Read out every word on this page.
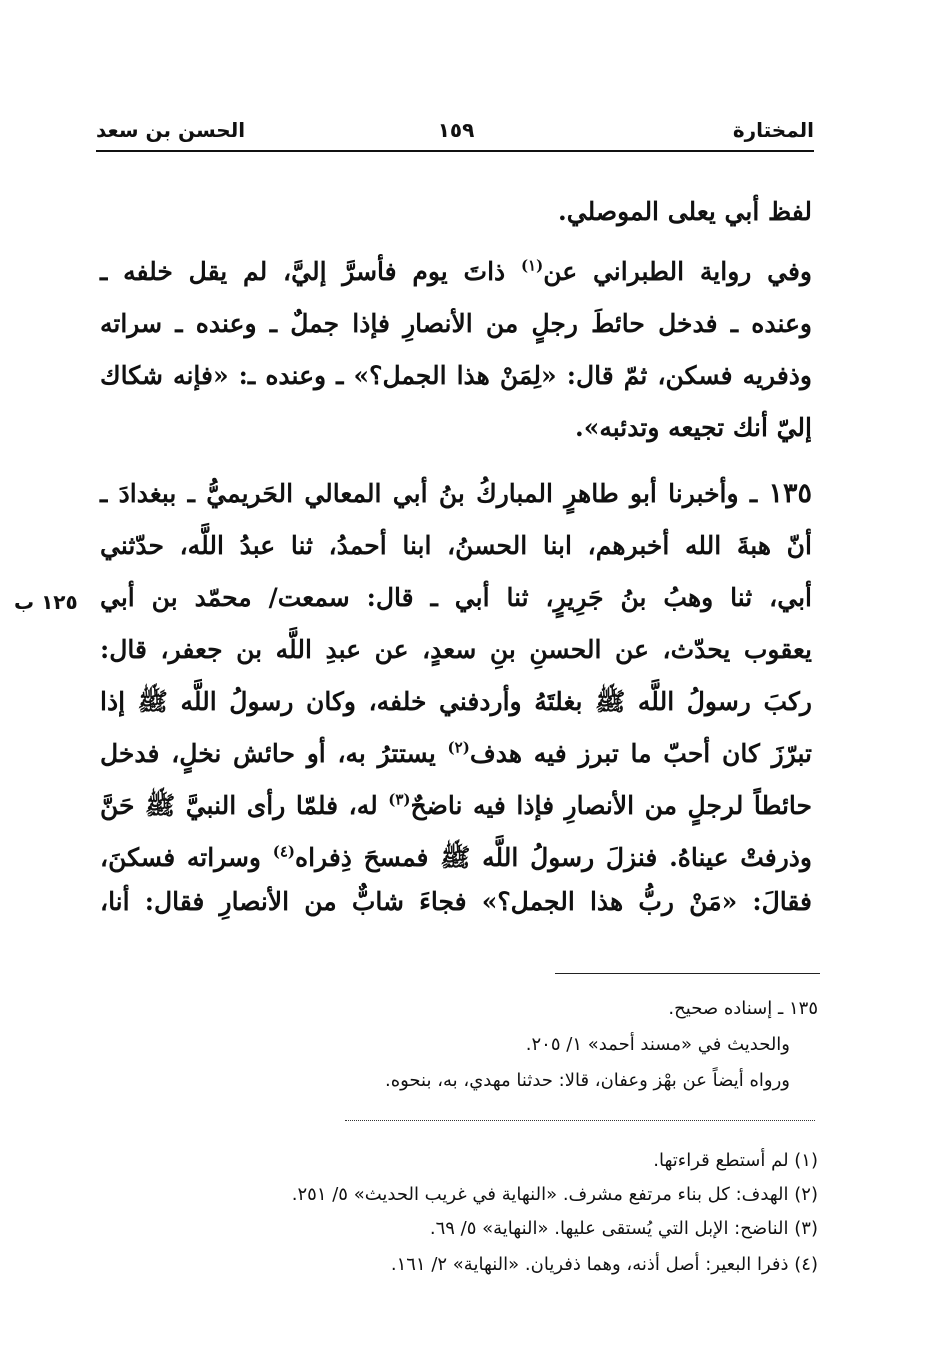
المختارة
١٥٩
الحسن بن سعد
لفظ أبي يعلى الموصلي.
وفي رواية الطبراني عن$^{(١)}$ ذاتَ يوم فأسرَّ إليَّ، لم يقل خلفه ـ
وعنده ـ فدخل حائطَ رجلٍ من الأنصارِ فإذا جملٌ ـ وعنده ـ سراته
وذفريه فسكن، ثمّ قال: «لِمَنْ هذا الجمل؟» ـ وعنده ـ: «فإنه شكاك
إليّ أنك تجيعه وتدئبه».
١٣٥ ـ وأخبرنا أبو طاهرٍ المباركُ بنُ أبي المعالي الحَريميُّ ـ ببغدادَ ـ
أنّ هبةَ الله أخبرهم، ابنا الحسنُ، ابنا أحمدُ، ثنا عبدُ اللَّه، حدّثني
أبي، ثنا وهبُ بنُ جَرِيرٍ، ثنا أبي ـ قال: سمعت/ محمّد بن أبي
يعقوب يحدّث، عن الحسنِ بنِ سعدٍ، عن عبدِ اللَّه بن جعفر، قال:
ركبَ رسولُ اللَّه ﷺ بغلتَهُ وأردفني خلفه، وكان رسولُ اللَّه ﷺ إذا
تبرّزَ كان أحبّ ما تبرز فيه هدف$^{(٢)}$ يستترُ به، أو حائش نخلٍ، فدخل
حائطاً لرجلٍ من الأنصارِ فإذا فيه ناضحٌ$^{(٣)}$ له، فلمّا رأى النبيَّ ﷺ حَنَّ
وذرفتْ عيناهُ. فنزلَ رسولُ اللَّه ﷺ فمسحَ ذِفراه$^{(٤)}$ وسراته فسكنَ،
فقالَ: «مَنْ ربُّ هذا الجمل؟» فجاءَ شابٌّ من الأنصارِ فقال: أنا،
١٢٥ ب
١٣٥ ـ إسناده صحيح.
والحديث في «مسند أحمد» ١/ ٢٠٥.
ورواه أيضاً عن بهْز وعفان، قالا: حدثنا مهدي، به، بنحوه.
(١) لم أستطع قراءتها.
(٢) الهدف: كل بناء مرتفع مشرف. «النهاية في غريب الحديث» ٥/ ٢٥١.
(٣) الناضح: الإبل التي يُستقى عليها. «النهاية» ٥/ ٦٩.
(٤) ذفرا البعير: أصل أذنه، وهما ذفريان. «النهاية» ٢/ ١٦١.
